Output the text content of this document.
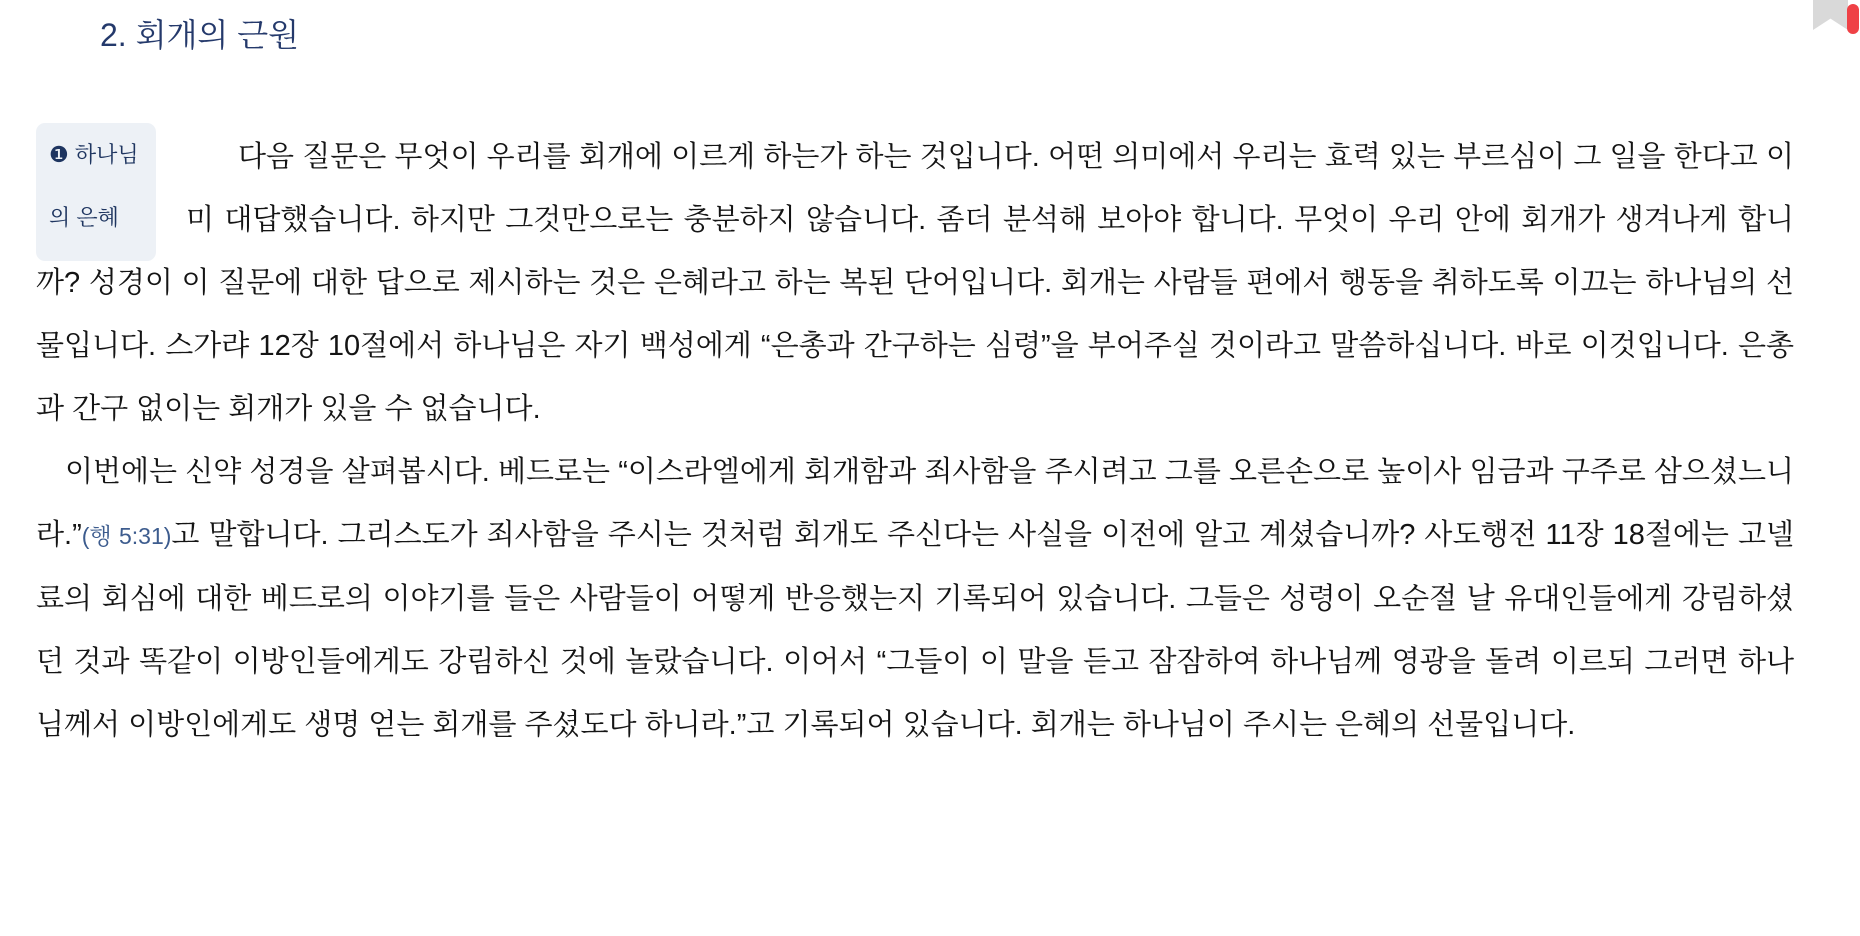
2. 회개의 근원

❶ 하나님
의 은혜
다음 질문은 무엇이 우리를 회개에 이르게 하는가 하는 것입니다. 어떤 의미에서 우리는 효력 있는 부르심이 그 일을 한다고 이미 대답했습니다. 하지만 그것만으로는 충분하지 않습니다. 좀더 분석해 보아야 합니다. 무엇이 우리 안에 회개가 생겨나게 합니까? 성경이 이 질문에 대한 답으로 제시하는 것은 은혜라고 하는 복된 단어입니다. 회개는 사람들 편에서 행동을 취하도록 이끄는 하나님의 선물입니다. 스가랴 12장 10절에서 하나님은 자기 백성에게 “은총과 간구하는 심령”을 부어주실 것이라고 말씀하십니다. 바로 이것입니다. 은총과 간구 없이는 회개가 있을 수 없습니다.

이번에는 신약 성경을 살펴봅시다. 베드로는 “이스라엘에게 회개함과 죄사함을 주시려고 그를 오른손으로 높이사 임금과 구주로 삼으셨느니라.”(행 5:31)고 말합니다. 그리스도가 죄사함을 주시는 것처럼 회개도 주신다는 사실을 이전에 알고 계셨습니까? 사도행전 11장 18절에는 고넬료의 회심에 대한 베드로의 이야기를 들은 사람들이 어떻게 반응했는지 기록되어 있습니다. 그들은 성령이 오순절 날 유대인들에게 강림하셨던 것과 똑같이 이방인들에게도 강림하신 것에 놀랐습니다. 이어서 “그들이 이 말을 듣고 잠잠하여 하나님께 영광을 돌려 이르되 그러면 하나님께서 이방인에게도 생명 얻는 회개를 주셨도다 하니라.”고 기록되어 있습니다. 회개는 하나님이 주시는 은혜의 선물입니다.
